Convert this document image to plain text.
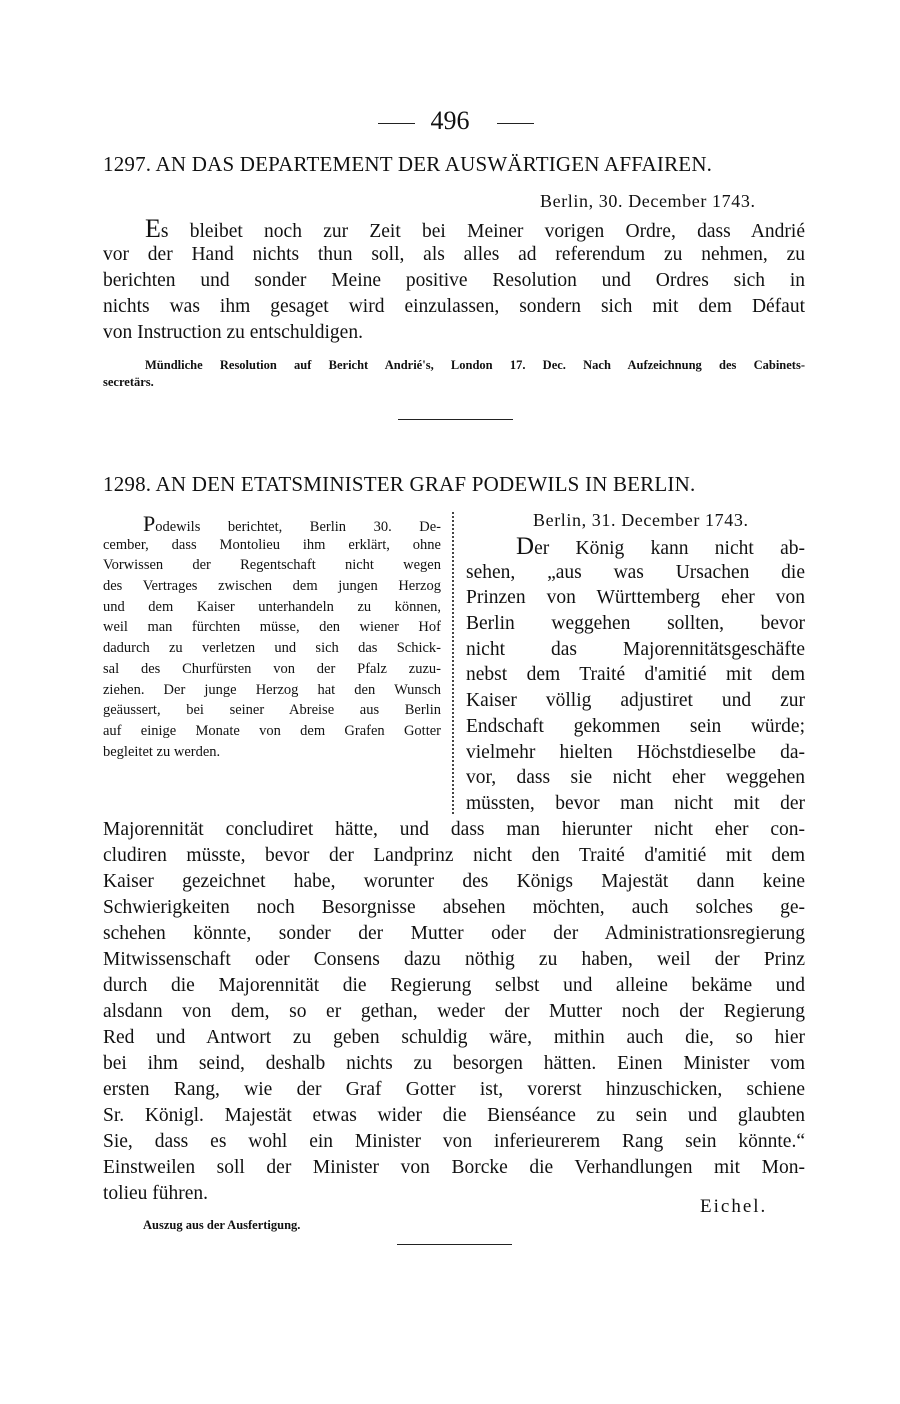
496
1297. AN DAS DEPARTEMENT DER AUSWÄRTIGEN AFFAIREN.
Berlin, 30. December 1743.
Es bleibet noch zur Zeit bei Meiner vorigen Ordre, dass Andrié
vor der Hand nichts thun soll, als alles ad referendum zu nehmen, zu
berichten und sonder Meine positive Resolution und Ordres sich in
nichts was ihm gesaget wird einzulassen, sondern sich mit dem Défaut
von Instruction zu entschuldigen.
Mündliche Resolution auf Bericht Andrié's, London 17. Dec. Nach Aufzeichnung des Cabinets-
secretärs.
1298. AN DEN ETATSMINISTER GRAF PODEWILS IN BERLIN.
Podewils berichtet, Berlin 30. De-
cember, dass Montolieu ihm erklärt, ohne
Vorwissen der Regentschaft nicht wegen
des Vertrages zwischen dem jungen Herzog
und dem Kaiser unterhandeln zu können,
weil man fürchten müsse, den wiener Hof
dadurch zu verletzen und sich das Schick-
sal des Churfürsten von der Pfalz zuzu-
ziehen. Der junge Herzog hat den Wunsch
geäussert, bei seiner Abreise aus Berlin
auf einige Monate von dem Grafen Gotter
begleitet zu werden.
Berlin, 31. December 1743.
Der König kann nicht ab-
sehen, „aus was Ursachen die
Prinzen von Württemberg eher von
Berlin weggehen sollten, bevor
nicht das Majorennitätsgeschäfte
nebst dem Traité d'amitié mit dem
Kaiser völlig adjustiret und zur
Endschaft gekommen sein würde;
vielmehr hielten Höchstdieselbe da-
vor, dass sie nicht eher weggehen
müssten, bevor man nicht mit der
Majorennität concludiret hätte, und dass man hierunter nicht eher con-
cludiren müsste, bevor der Landprinz nicht den Traité d'amitié mit dem
Kaiser gezeichnet habe, worunter des Königs Majestät dann keine
Schwierigkeiten noch Besorgnisse absehen möchten, auch solches ge-
schehen könnte, sonder der Mutter oder der Administrationsregierung
Mitwissenschaft oder Consens dazu nöthig zu haben, weil der Prinz
durch die Majorennität die Regierung selbst und alleine bekäme und
alsdann von dem, so er gethan, weder der Mutter noch der Regierung
Red und Antwort zu geben schuldig wäre, mithin auch die, so hier
bei ihm seind, deshalb nichts zu besorgen hätten. Einen Minister vom
ersten Rang, wie der Graf Gotter ist, vorerst hinzuschicken, schiene
Sr. Königl. Majestät etwas wider die Bienséance zu sein und glaubten
Sie, dass es wohl ein Minister von inferieurerem Rang sein könnte.“
Einstweilen soll der Minister von Borcke die Verhandlungen mit Mon-
tolieu führen.
Eichel.
Auszug aus der Ausfertigung.
